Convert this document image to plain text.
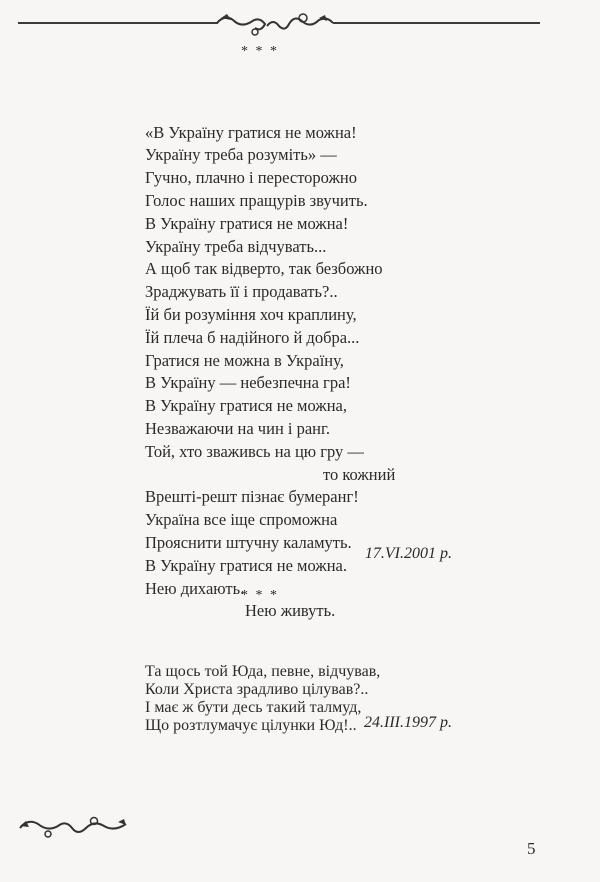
* * *

«В Україну гратися не можна!
Україну треба розуміть» —
Гучно, плачно і пересторожно
Голос наших пращурів звучить.
В Україну гратися не можна!
Україну треба відчувать...
А щоб так відверто, так безбожно
Зраджувать її і продавать?..
Їй би розуміння хоч краплину,
Їй плеча б надійного й добра...
Гратися не можна в Україну,
В Україну — небезпечна гра!
В Україну гратися не можна,
Незважаючи на чин і ранг.
Той, хто зваживсь на цю гру —
то кожний
Врешті-решт пізнає бумеранг!
Україна все іще спроможна
Прояснити штучну каламуть.
В Україну гратися не можна.
Нею дихають.
Нею живуть.

17.VI.2001 р.
* * *

Та щось той Юда, певне, відчував,
Коли Христа зрадливо цілував?..
І має ж бути десь такий талмуд,
Що розтлумачує цілунки Юд!.. 24.III.1997 р.
5
